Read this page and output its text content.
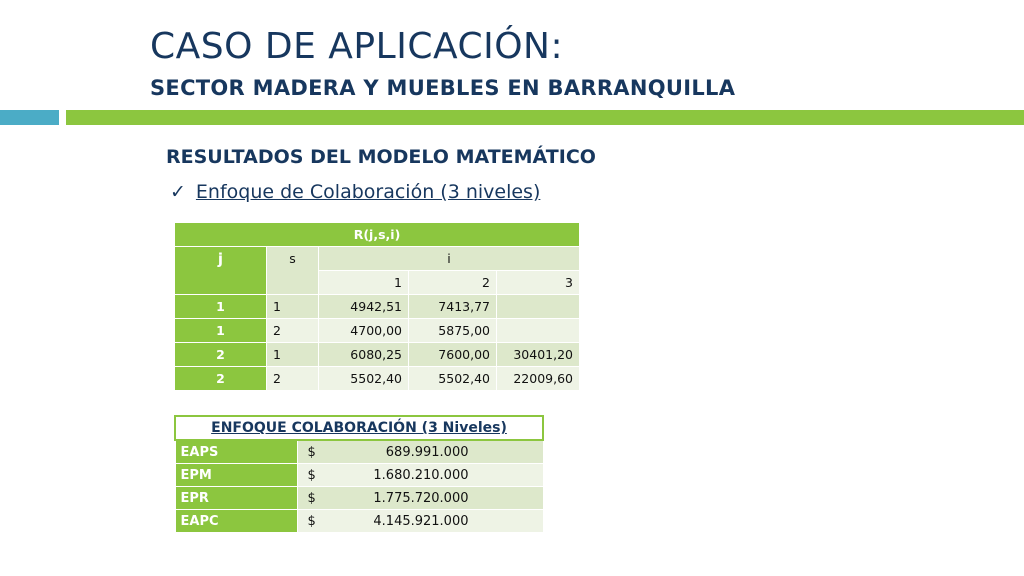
CASO DE APLICACIÓN:
SECTOR MADERA Y MUEBLES EN BARRANQUILLA
RESULTADOS DEL MODELO MATEMÁTICO
✓ Enfoque de Colaboración (3 niveles)
R(j,s,i)				
j	s	i		
		1	2	3
1	1	4942,51	7413,77	
1	2	4700,00	5875,00	
2	1	6080,25	7600,00	30401,20
2	2	5502,40	5502,40	22009,60
ENFOQUE COLABORACIÓN (3 Niveles)	
EAPS	$ 689.991.000

EPM	$ 1.680.210.000

EPR	$ 1.775.720.000

EAPC	$ 4.145.921.000
